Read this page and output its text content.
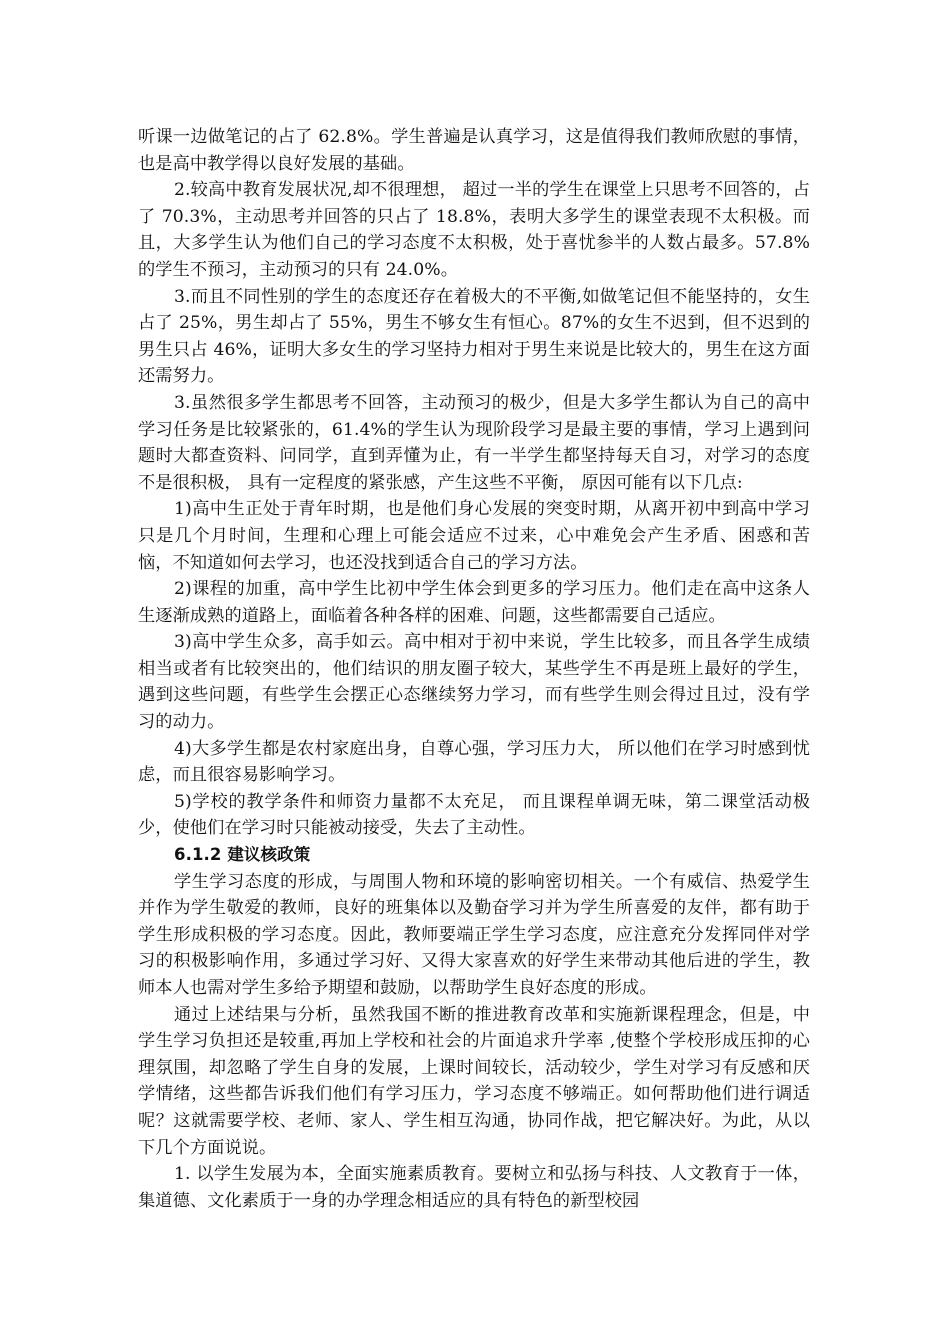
听课一边做笔记的占了 62.8%。学生普遍是认真学习，这是值得我们教师欣慰的事情， 也是高中教学得以良好发展的基础。

2.较高中教育发展状况,却不很理想， 超过一半的学生在课堂上只思考不回答的，占了 70.3%，主动思考并回答的只占了 18.8%，表明大多学生的课堂表现不太积极。而且，大多学生认为他们自己的学习态度不太积极，处于喜忧参半的人数占最多。57.8%的学生不预习，主动预习的只有 24.0%。

3.而且不同性别的学生的态度还存在着极大的不平衡,如做笔记但不能坚持的，女生占了 25%，男生却占了 55%，男生不够女生有恒心。87%的女生不迟到，但不迟到的男生只占 46%，证明大多女生的学习坚持力相对于男生来说是比较大的，男生在这方面还需努力。

3.虽然很多学生都思考不回答，主动预习的极少，但是大多学生都认为自己的高中学习任务是比较紧张的，61.4%的学生认为现阶段学习是最主要的事情，学习上遇到问题时大都查资料、问同学，直到弄懂为止，有一半学生都坚持每天自习，对学习的态度不是很积极， 具有一定程度的紧张感，产生这些不平衡， 原因可能有以下几点:

1)高中生正处于青年时期，也是他们身心发展的突变时期，从离开初中到高中学习只是几个月时间，生理和心理上可能会适应不过来，心中难免会产生矛盾、困惑和苦恼，不知道如何去学习，也还没找到适合自己的学习方法。

2)课程的加重，高中学生比初中学生体会到更多的学习压力。他们走在高中这条人生逐渐成熟的道路上，面临着各种各样的困难、问题，这些都需要自己适应。

3)高中学生众多，高手如云。高中相对于初中来说，学生比较多，而且各学生成绩相当或者有比较突出的，他们结识的朋友圈子较大，某些学生不再是班上最好的学生，遇到这些问题，有些学生会摆正心态继续努力学习，而有些学生则会得过且过，没有学习的动力。

4)大多学生都是农村家庭出身，自尊心强，学习压力大， 所以他们在学习时感到忧虑，而且很容易影响学习。

5)学校的教学条件和师资力量都不太充足， 而且课程单调无味，第二课堂活动极少，使他们在学习时只能被动接受，失去了主动性。

6.1.2 建议核政策

学生学习态度的形成，与周围人物和环境的影响密切相关。一个有威信、热爱学生并作为学生敬爱的教师，良好的班集体以及勤奋学习并为学生所喜爱的友伴，都有助于学生形成积极的学习态度。因此，教师要端正学生学习态度，应注意充分发挥同伴对学习的积极影响作用，多通过学习好、又得大家喜欢的好学生来带动其他后进的学生，教师本人也需对学生多给予期望和鼓励，以帮助学生良好态度的形成。

通过上述结果与分析，虽然我国不断的推进教育改革和实施新课程理念，但是，中学生学习负担还是较重,再加上学校和社会的片面追求升学率 ,使整个学校形成压抑的心理氛围，却忽略了学生自身的发展，上课时间较长，活动较少，学生对学习有反感和厌学情绪，这些都告诉我们他们有学习压力，学习态度不够端正。如何帮助他们进行调适呢？这就需要学校、老师、家人、学生相互沟通，协同作战，把它解决好。为此，从以下几个方面说说。

1. 以学生发展为本，全面实施素质教育。要树立和弘扬与科技、人文教育于一体，集道德、文化素质于一身的办学理念相适应的具有特色的新型校园
